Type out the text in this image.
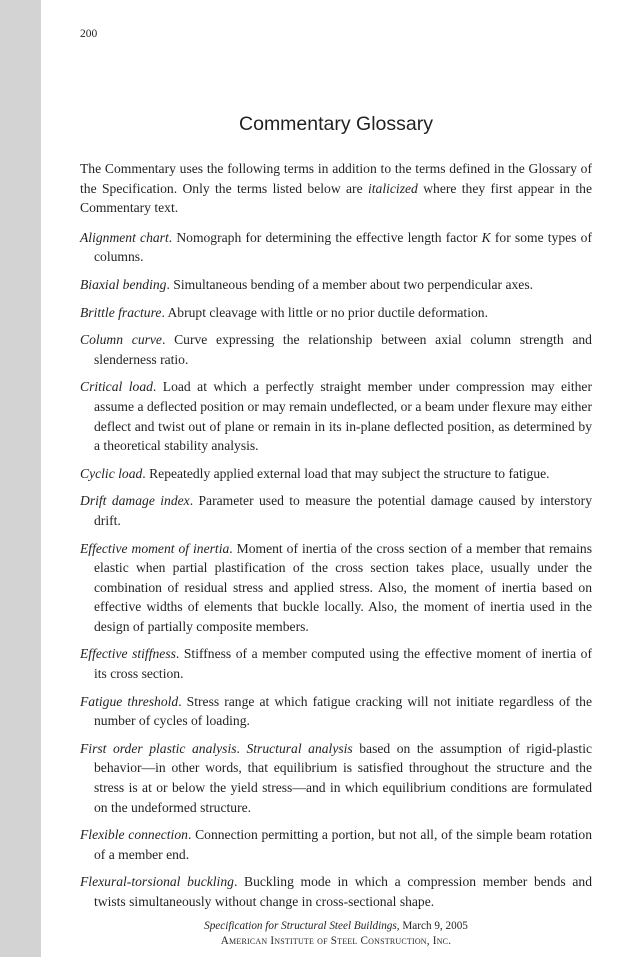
200
Commentary Glossary

The Commentary uses the following terms in addition to the terms defined in the Glossary of the Specification. Only the terms listed below are italicized where they first appear in the Commentary text.

Alignment chart. Nomograph for determining the effective length factor K for some types of columns.

Biaxial bending. Simultaneous bending of a member about two perpendicular axes.

Brittle fracture. Abrupt cleavage with little or no prior ductile deformation.

Column curve. Curve expressing the relationship between axial column strength and slenderness ratio.

Critical load. Load at which a perfectly straight member under compression may either assume a deflected position or may remain undeflected, or a beam under flexure may either deflect and twist out of plane or remain in its in-plane deflected position, as determined by a theoretical stability analysis.

Cyclic load. Repeatedly applied external load that may subject the structure to fatigue.

Drift damage index. Parameter used to measure the potential damage caused by interstory drift.

Effective moment of inertia. Moment of inertia of the cross section of a member that remains elastic when partial plastification of the cross section takes place, usually under the combination of residual stress and applied stress. Also, the moment of inertia based on effective widths of elements that buckle locally. Also, the moment of inertia used in the design of partially composite members.

Effective stiffness. Stiffness of a member computed using the effective moment of inertia of its cross section.

Fatigue threshold. Stress range at which fatigue cracking will not initiate regardless of the number of cycles of loading.

First order plastic analysis. Structural analysis based on the assumption of rigid-plastic behavior—in other words, that equilibrium is satisfied throughout the structure and the stress is at or below the yield stress—and in which equilibrium conditions are formulated on the undeformed structure.

Flexible connection. Connection permitting a portion, but not all, of the simple beam rotation of a member end.

Flexural-torsional buckling. Buckling mode in which a compression member bends and twists simultaneously without change in cross-sectional shape.

Specification for Structural Steel Buildings, March 9, 2005
American Institute of Steel Construction, Inc.
